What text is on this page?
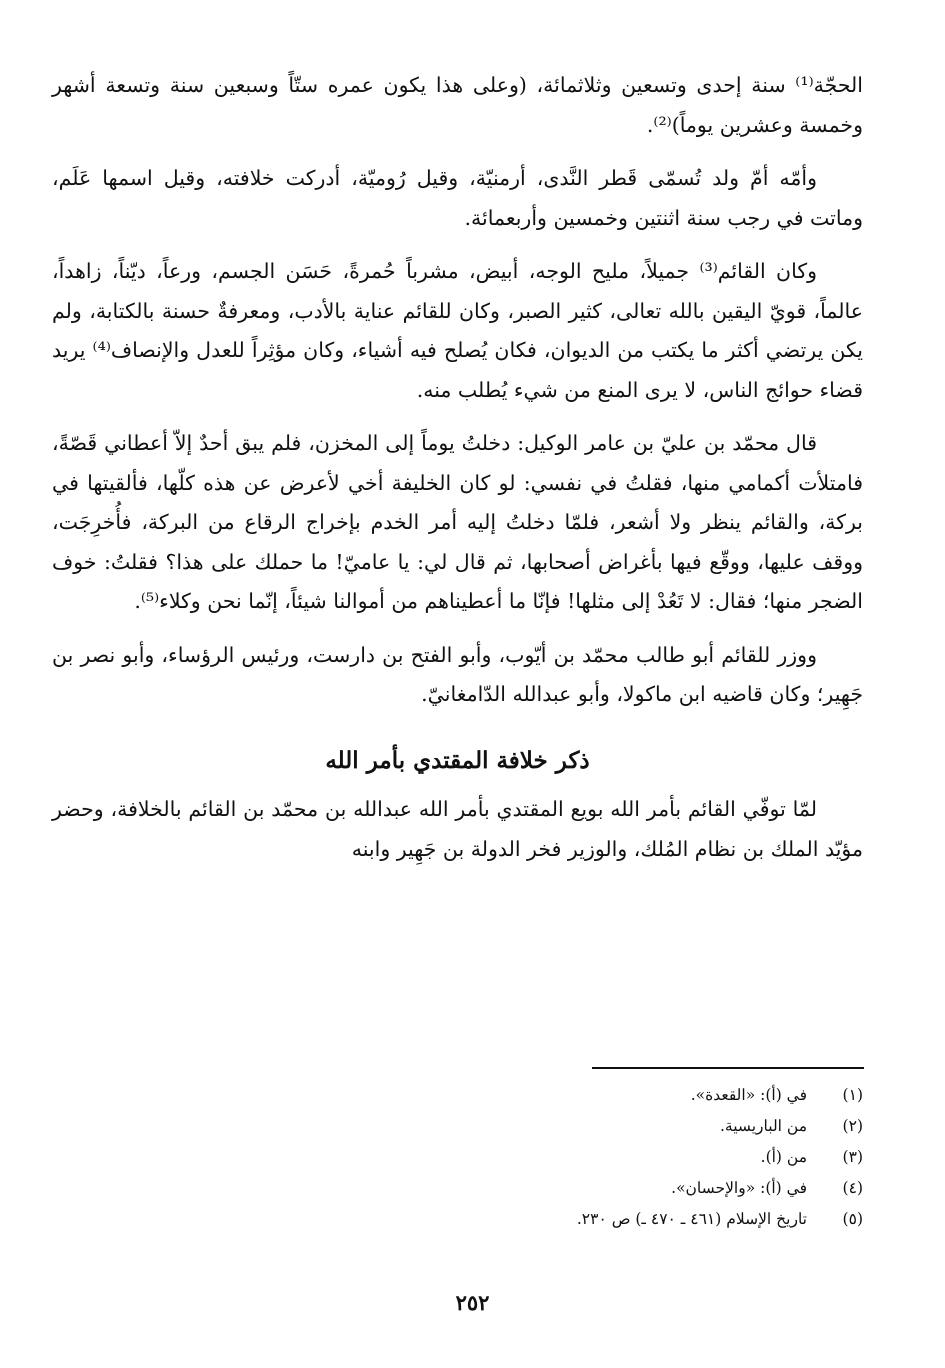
الحجّة⁽¹⁾ سنة إحدى وتسعين وثلاثمائة، (وعلى هذا يكون عمره ستّاً وسبعين سنة وتسعة أشهر وخمسة وعشرين يوماً)⁽²⁾.

وأمّه أمّ ولد تُسمّى قَطر النَّدى، أرمنيّة، وقيل رُوميّة، أدركت خلافته، وقيل اسمها عَلَم، وماتت في رجب سنة اثنتين وخمسين وأربعمائة.

وكان القائم⁽³⁾ جميلاً، مليح الوجه، أبيض، مشرباً حُمرةً، حَسَن الجسم، ورعاً، ديّناً، زاهداً، عالماً، قويّ اليقين بالله تعالى، كثير الصبر، وكان للقائم عناية بالأدب، ومعرفةٌ حسنة بالكتابة، ولم يكن يرتضي أكثر ما يكتب من الديوان، فكان يُصلح فيه أشياء، وكان مؤثِراً للعدل والإنصاف⁽⁴⁾ يريد قضاء حوائج الناس، لا يرى المنع من شيء يُطلب منه.

قال محمّد بن عليّ بن عامر الوكيل: دخلتُ يوماً إلى المخزن، فلم يبق أحدٌ إلاّ أعطاني قَصّةً، فامتلأت أكمامي منها، فقلتُ في نفسي: لو كان الخليفة أخي لأعرض عن هذه كلّها، فألقيتها في بركة، والقائم ينظر ولا أشعر، فلمّا دخلتُ إليه أمر الخدم بإخراج الرقاع من البركة، فأُخرِجَت، ووقف عليها، ووقّع فيها بأغراض أصحابها، ثم قال لي: يا عاميّ! ما حملك على هذا؟ فقلتُ: خوف الضجر منها؛ فقال: لا تَعُدْ إلى مثلها! فإنّا ما أعطيناهم من أموالنا شيئاً، إنّما نحن وكلاء⁽⁵⁾.

ووزر للقائم أبو طالب محمّد بن أيّوب، وأبو الفتح بن دارست، ورئيس الرؤساء، وأبو نصر بن جَهِير؛ وكان قاضيه ابن ماكولا، وأبو عبدالله الدّامغانيّ.

ذكر خلافة المقتدي بأمر الله

لمّا توفّي القائم بأمر الله بويع المقتدي بأمر الله عبدالله بن محمّد بن القائم بالخلافة، وحضر مؤيّد الملك بن نظام المُلك، والوزير فخر الدولة بن جَهِير وابنه

(١)
في (أ): «القعدة».
(٢)
من الباريسية.
(٣)
من (أ).
(٤)
في (أ): «والإحسان».
(٥)
تاريخ الإسلام (٤٦١ ـ ٤٧٠ ـ) ص ٢٣٠.
٢٥٢
